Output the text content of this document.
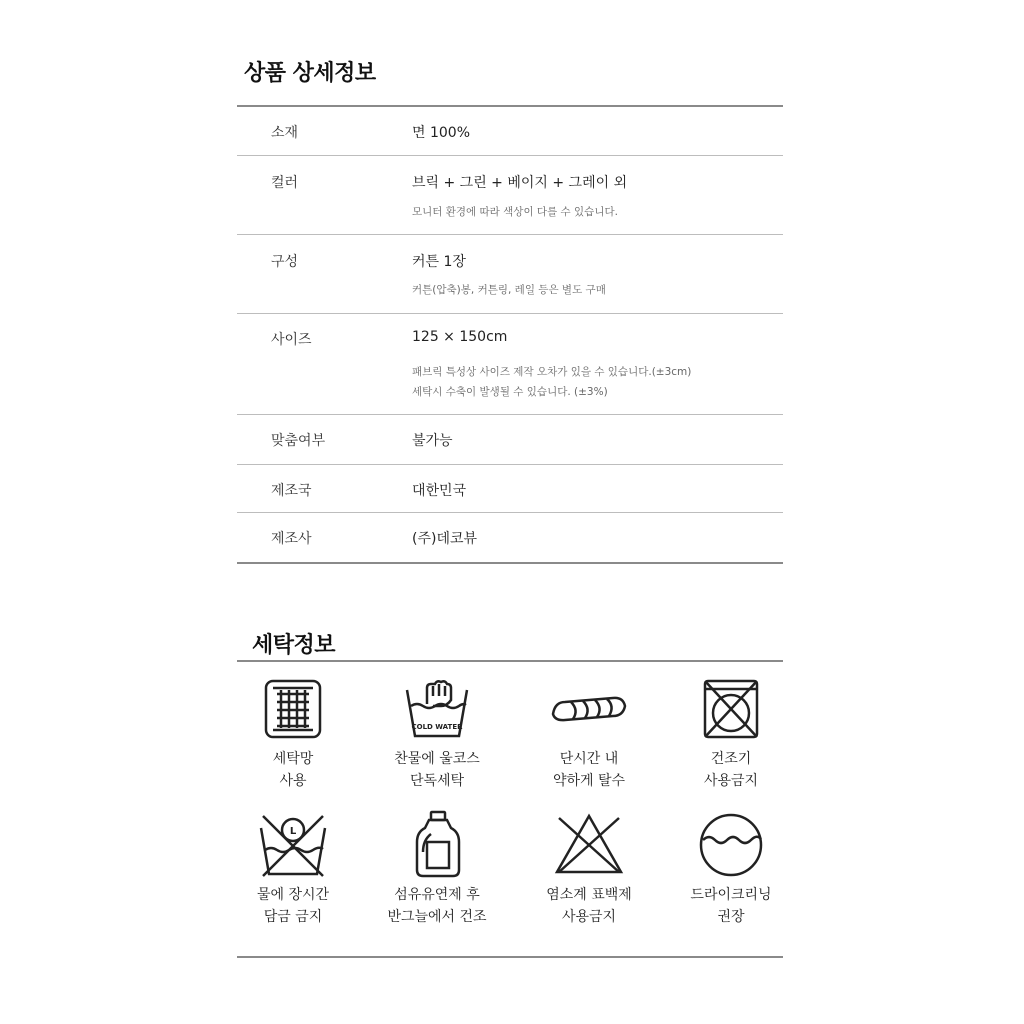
상품 상세정보
소재	면 100%
컬러	브릭 + 그린 + 베이지 + 그레이 외
모니터 환경에 따라 색상이 다를 수 있습니다.
구성	커튼 1장
커튼(압축)봉, 커튼링, 레일 등은 별도 구매
사이즈	125 × 150cm
패브릭 특성상 사이즈 제작 오차가 있을 수 있습니다.(±3cm)
세탁시 수축이 발생될 수 있습니다. (±3%)
맞춤여부	불가능
제조국	대한민국
제조사	(주)데코뷰
세탁정보
COLD WATER
세탁망
사용
찬물에 울코스
단독세탁
단시간 내
약하게 탈수
건조기
사용금지
L
물에 장시간
담금 금지
섬유유연제 후
반그늘에서 건조
염소계 표백제
사용금지
드라이크리닝
권장
